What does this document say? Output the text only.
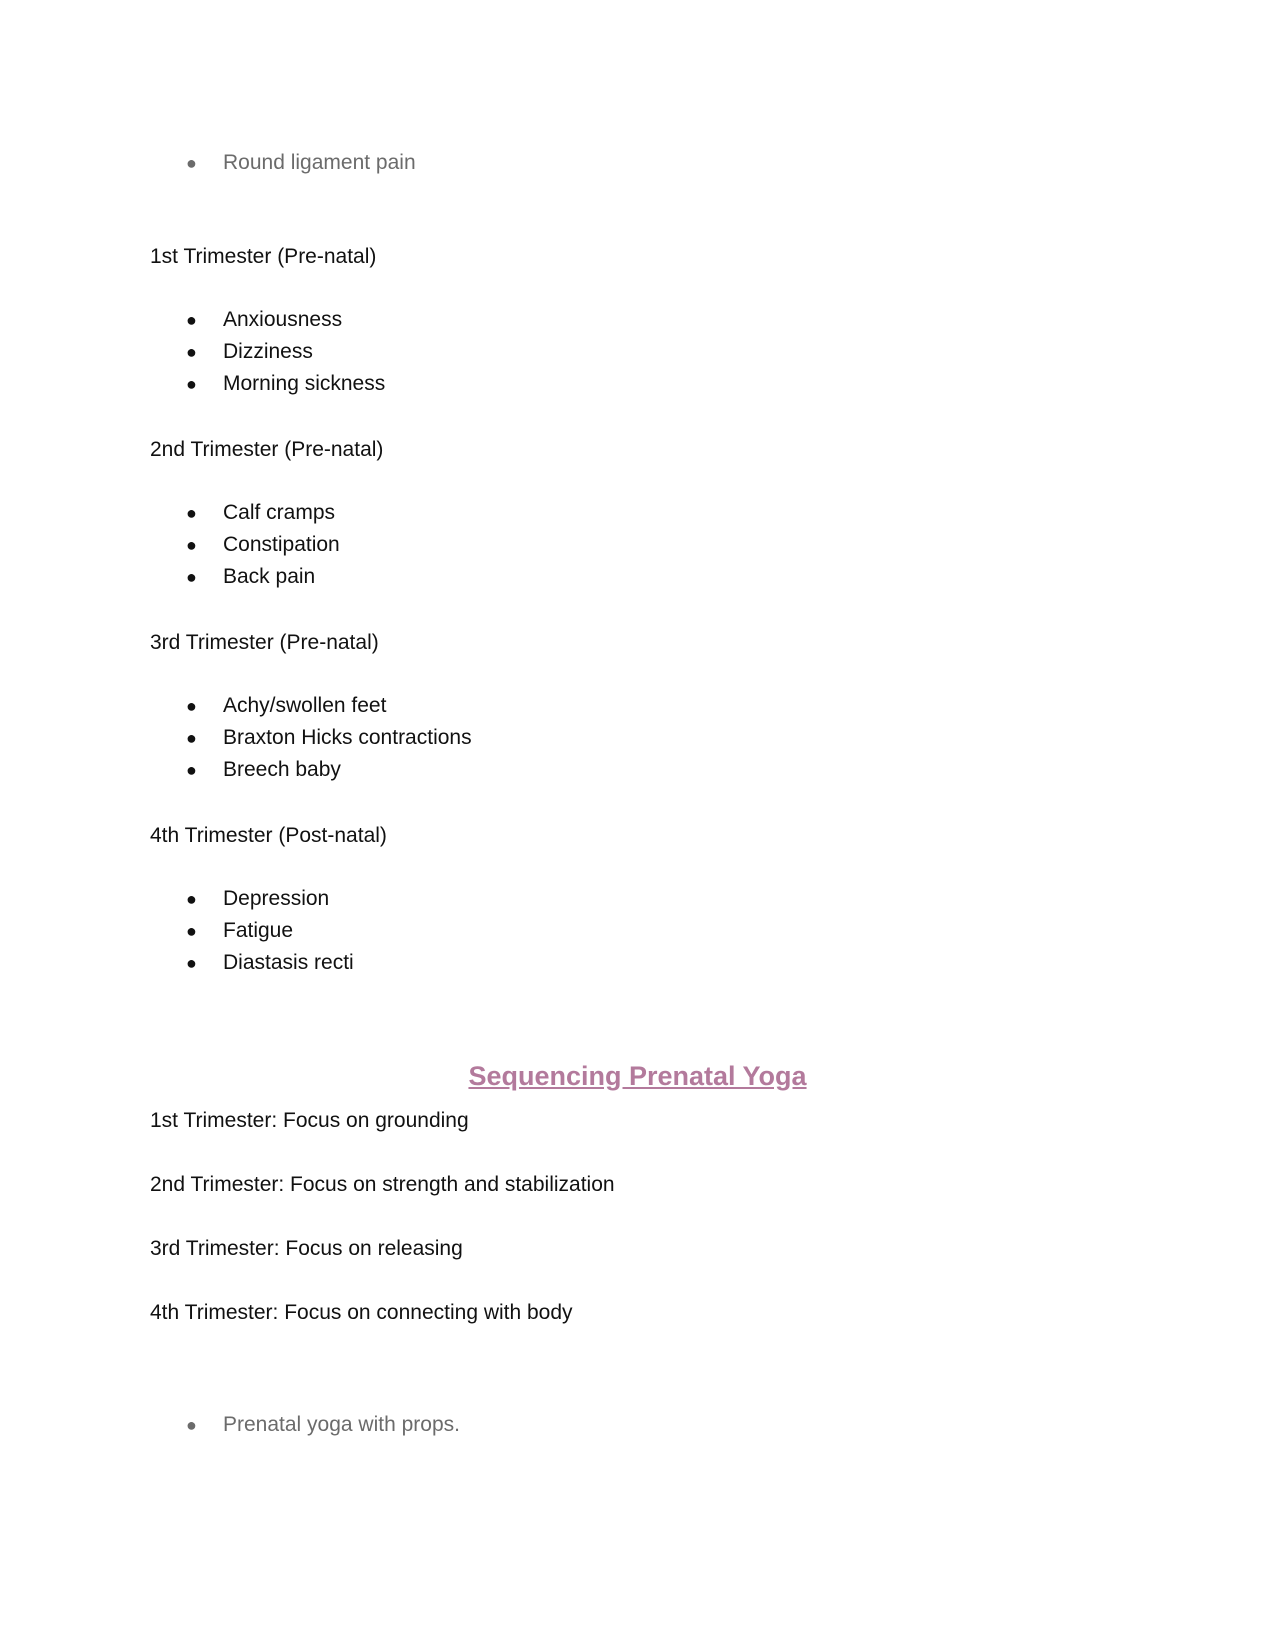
● Round ligament pain
1st Trimester (Pre-natal)
● Anxiousness
● Dizziness
● Morning sickness
2nd Trimester (Pre-natal)
● Calf cramps
● Constipation
● Back pain
3rd Trimester (Pre-natal)
● Achy/swollen feet
● Braxton Hicks contractions
● Breech baby
4th Trimester (Post-natal)
● Depression
● Fatigue
● Diastasis recti
Sequencing Prenatal Yoga
1st Trimester: Focus on grounding
2nd Trimester: Focus on strength and stabilization
3rd Trimester: Focus on releasing
4th Trimester: Focus on connecting with body
● Prenatal yoga with props.
